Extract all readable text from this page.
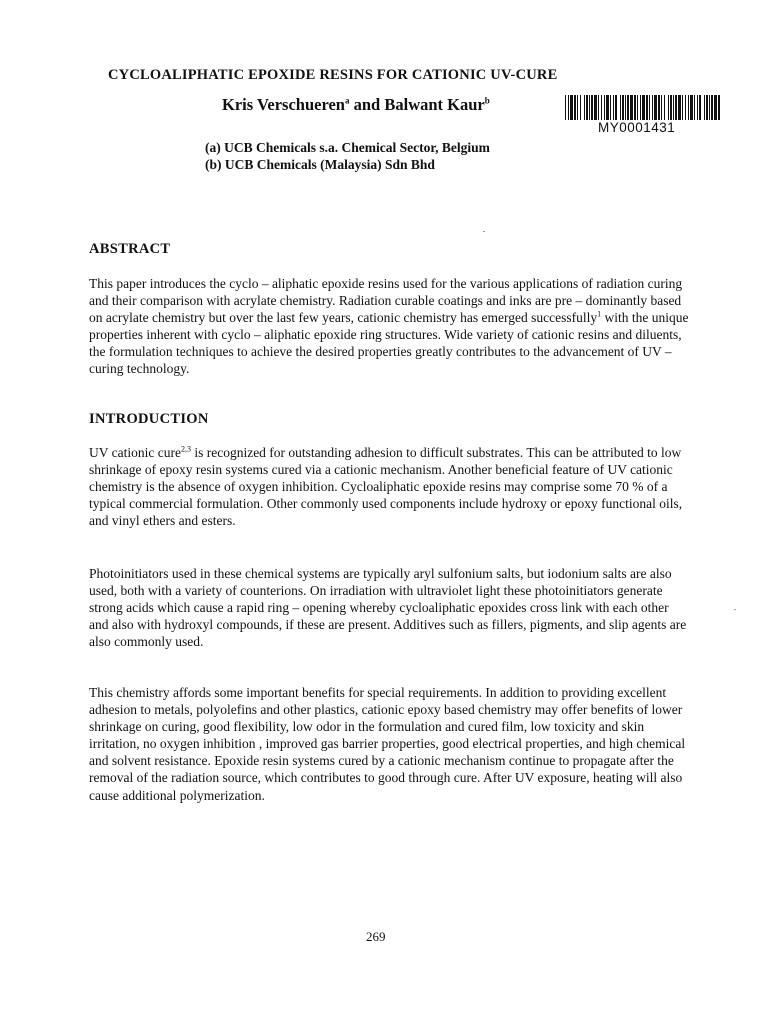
CYCLOALIPHATIC EPOXIDE RESINS FOR CATIONIC UV-CURE
Kris Verschueren$^a$ and Balwant Kaur$^b$
MY0001431
(a) UCB Chemicals s.a. Chemical Sector, Belgium
(b) UCB Chemicals (Malaysia) Sdn Bhd
ABSTRACT
This paper introduces the cyclo – aliphatic epoxide resins used for the various applications of radiation curing and their comparison with acrylate chemistry. Radiation curable coatings and inks are pre – dominantly based on acrylate chemistry but over the last few years, cationic chemistry has emerged successfully$^1$ with the unique properties inherent with cyclo – aliphatic epoxide ring structures. Wide variety of cationic resins and diluents, the formulation techniques to achieve the desired properties greatly contributes to the advancement of UV – curing technology.
INTRODUCTION
UV cationic cure$^{2,3}$ is recognized for outstanding adhesion to difficult substrates. This can be attributed to low shrinkage of epoxy resin systems cured via a cationic mechanism. Another beneficial feature of UV cationic chemistry is the absence of oxygen inhibition. Cycloaliphatic epoxide resins may comprise some 70 % of a typical commercial formulation. Other commonly used components include hydroxy or epoxy functional oils, and vinyl ethers and esters.
Photoinitiators used in these chemical systems are typically aryl sulfonium salts, but iodonium salts are also used, both with a variety of counterions. On irradiation with ultraviolet light these photoinitiators generate strong acids which cause a rapid ring – opening whereby cycloaliphatic epoxides cross link with each other and also with hydroxyl compounds, if these are present. Additives such as fillers, pigments, and slip agents are also commonly used.
This chemistry affords some important benefits for special requirements. In addition to providing excellent adhesion to metals, polyolefins and other plastics, cationic epoxy based chemistry may offer benefits of lower shrinkage on curing, good flexibility, low odor in the formulation and cured film, low toxicity and skin irritation, no oxygen inhibition , improved gas barrier properties, good electrical properties, and high chemical and solvent resistance. Epoxide resin systems cured by a cationic mechanism continue to propagate after the removal of the radiation source, which contributes to good through cure. After UV exposure, heating will also cause additional polymerization.
269
